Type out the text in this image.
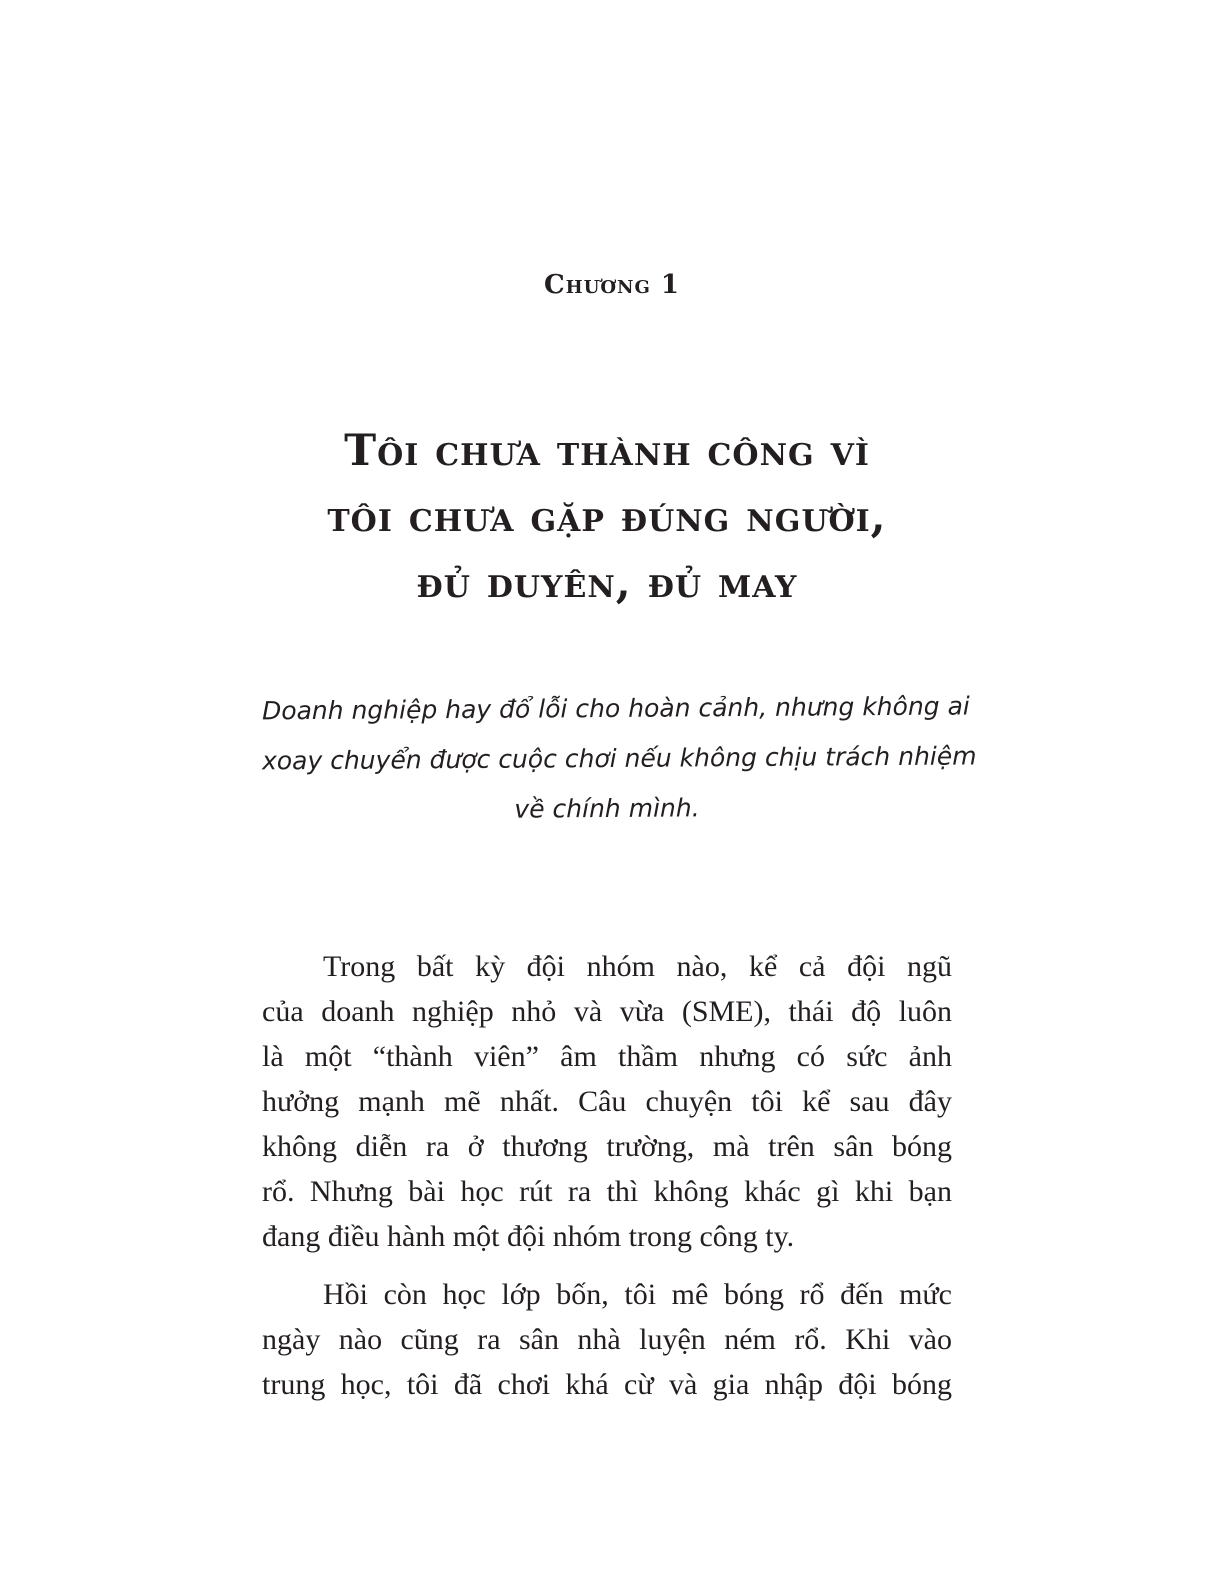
Chương 1
Tôi chưa thành công vì
tôi chưa gặp đúng người,
đủ duyên, đủ may
Doanh nghiệp hay đổ lỗi cho hoàn cảnh, nhưng không ai
xoay chuyển được cuộc chơi nếu không chịu trách nhiệm
về chính mình.
Trong bất kỳ đội nhóm nào, kể cả đội ngũ
của doanh nghiệp nhỏ và vừa (SME), thái độ luôn
là một “thành viên” âm thầm nhưng có sức ảnh
hưởng mạnh mẽ nhất. Câu chuyện tôi kể sau đây
không diễn ra ở thương trường, mà trên sân bóng
rổ. Nhưng bài học rút ra thì không khác gì khi bạn
đang điều hành một đội nhóm trong công ty.
Hồi còn học lớp bốn, tôi mê bóng rổ đến mức
ngày nào cũng ra sân nhà luyện ném rổ. Khi vào
trung học, tôi đã chơi khá cừ và gia nhập đội bóng
